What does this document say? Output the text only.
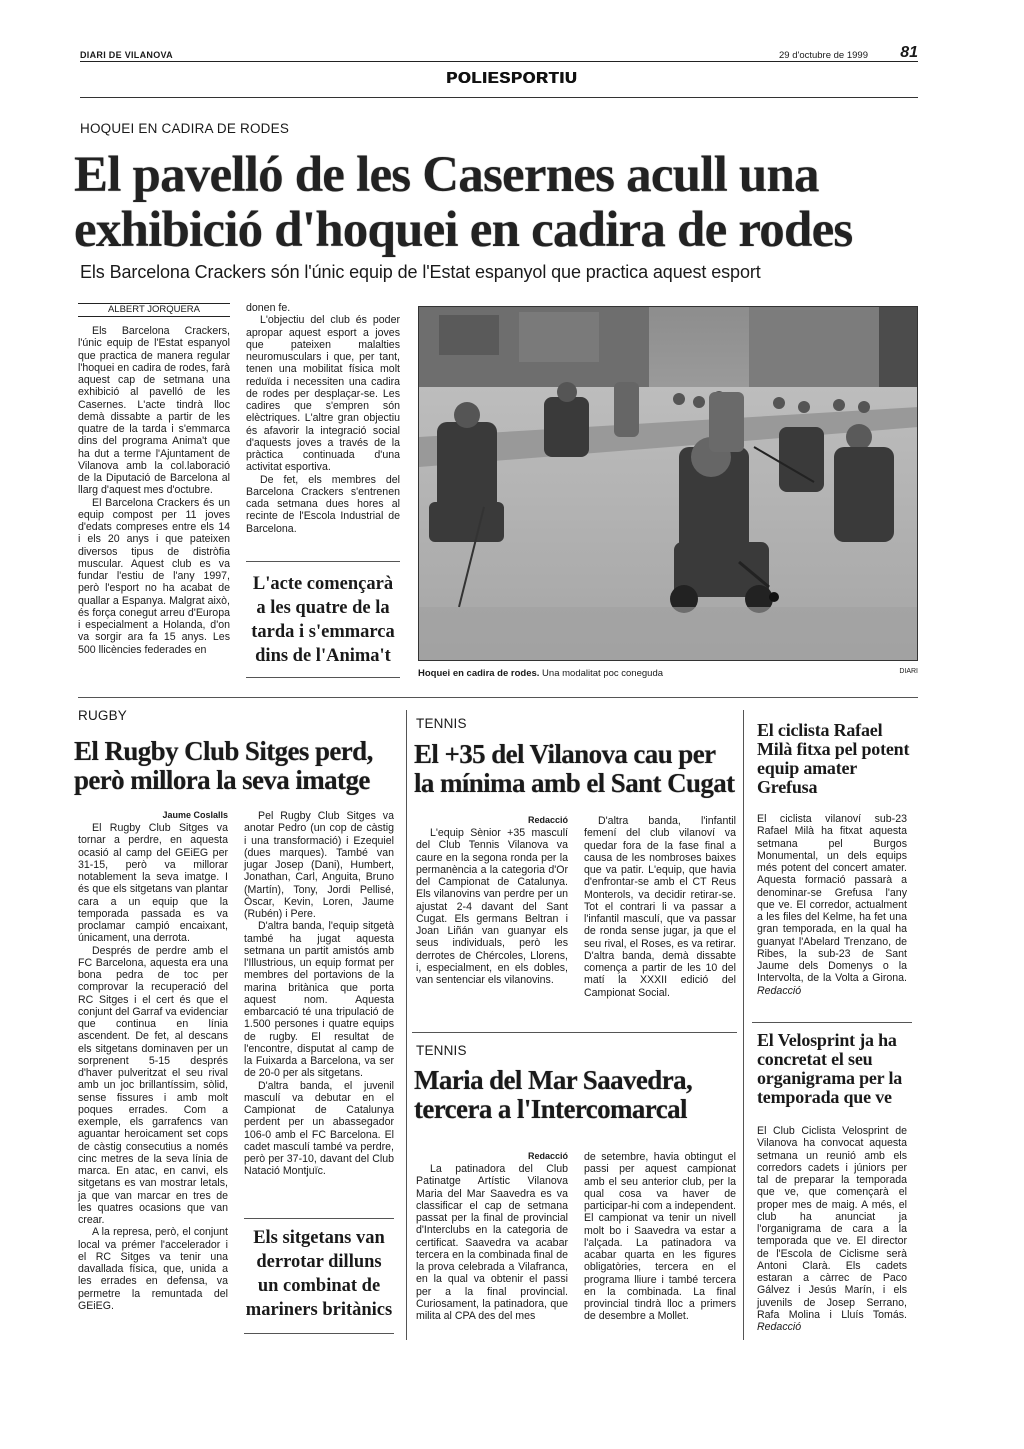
DIARI DE VILANOVA	29 d'octubre de 1999 81
POLIESPORTIU
HOQUEI EN CADIRA DE RODES
El pavelló de les Casernes acull una
exhibició d'hoquei en cadira de rodes
Els Barcelona Crackers són l'únic equip de l'Estat espanyol que practica aquest esport
ALBERT JORQUERA

Els Barcelona Crackers, l'únic equip de l'Estat espanyol que practica de manera regular l'hoquei en cadira de rodes, farà aquest cap de setmana una exhibició al pavelló de les Casernes. L'acte tindrà lloc demà dissabte a partir de les quatre de la tarda i s'emmarca dins del programa Anima't que ha dut a terme l'Ajuntament de Vilanova amb la col.laboració de la Diputació de Barcelona al llarg d'aquest mes d'octubre.

El Barcelona Crackers és un equip compost per 11 joves d'edats compreses entre els 14 i els 20 anys i que pateixen diversos tipus de distròfia muscular. Aquest club es va fundar l'estiu de l'any 1997, però l'esport no ha acabat de quallar a Espanya. Malgrat això, és força conegut arreu d'Europa i especialment a Holanda, d'on va sorgir ara fa 15 anys. Les 500 llicències federades en

donen fe.

L'objectiu del club és poder apropar aquest esport a joves que pateixen malalties neuromusculars i que, per tant, tenen una mobilitat física molt reduïda i necessiten una cadira de rodes per desplaçar-se. Les cadires que s'empren són elèctriques. L'altre gran objectiu és afavorir la integració social d'aquests joves a través de la pràctica continuada d'una activitat esportiva.

De fet, els membres del Barcelona Crackers s'entrenen cada setmana dues hores al recinte de l'Escola Industrial de Barcelona.

L'acte començarà a les quatre de la tarda i s'emmarca dins de l'Anima't
Hoquei en cadira de rodes. Una modalitat poc coneguda	DIARI
RUGBY
El Rugby Club Sitges perd,
però millora la seva imatge
Jaume Coslalls

El Rugby Club Sitges va tornar a perdre, en aquesta ocasió al camp del GEiEG per 31-15, però va millorar notablement la seva imatge. I és que els sitgetans van plantar cara a un equip que la temporada passada es va proclamar campió encaixant, únicament, una derrota.

Després de perdre amb el FC Barcelona, aquesta era una bona pedra de toc per comprovar la recuperació del RC Sitges i el cert és que el conjunt del Garraf va evidenciar que continua en línia ascendent. De fet, al descans els sitgetans dominaven per un sorprenent 5-15 després d'haver pulveritzat el seu rival amb un joc brillantíssim, sòlid, sense fissures i amb molt poques errades. Com a exemple, els garrafencs van aguantar heroicament set cops de càstig consecutius a només cinc metres de la seva línia de marca. En atac, en canvi, els sitgetans es van mostrar letals, ja que van marcar en tres de les quatres ocasions que van crear.

A la represa, però, el conjunt local va prémer l'accelerador i el RC Sitges va tenir una davallada física, que, unida a les errades en defensa, va permetre la remuntada del GEiEG.

Pel Rugby Club Sitges va anotar Pedro (un cop de càstig i una transformació) i Ezequiel (dues marques). També van jugar Josep (Dani), Humbert, Jonathan, Carl, Anguita, Bruno (Martín), Tony, Jordi Pellisé, Òscar, Kevin, Loren, Jaume (Rubén) i Pere.

D'altra banda, l'equip sitgetà també ha jugat aquesta setmana un partit amistós amb l'Illustrious, un equip format per membres del portavions de la marina britànica que porta aquest nom. Aquesta embarcació té una tripulació de 1.500 persones i quatre equips de rugby. El resultat de l'encontre, disputat al camp de la Fuixarda a Barcelona, va ser de 20-0 per als sitgetans.

D'altra banda, el juvenil masculí va debutar en el Campionat de Catalunya perdent per un abassegador 106-0 amb el FC Barcelona. El cadet masculí també va perdre, però per 37-10, davant del Club Natació Montjuïc.

Els sitgetans van derrotar dilluns un combinat de mariners britànics
TENNIS
El +35 del Vilanova cau per
la mínima amb el Sant Cugat
Redacció

L'equip Sènior +35 masculí del Club Tennis Vilanova va caure en la segona ronda per la permanència a la categoria d'Or del Campionat de Catalunya. Els vilanovins van perdre per un ajustat 2-4 davant del Sant Cugat. Els germans Beltran i Joan Liñán van guanyar els seus individuals, però les derrotes de Chércoles, Llorens, i, especialment, en els dobles, van sentenciar els vilanovins.

D'altra banda, l'infantil femení del club vilanoví va quedar fora de la fase final a causa de les nombroses baixes que va patir. L'equip, que havia d'enfrontar-se amb el CT Reus Monterols, va decidir retirar-se. Tot el contrari li va passar a l'infantil masculí, que va passar de ronda sense jugar, ja que el seu rival, el Roses, es va retirar. D'altra banda, demà dissabte comença a partir de les 10 del matí la XXXII edició del Campionat Social.

TENNIS
Maria del Mar Saavedra,
tercera a l'Intercomarcal
Redacció

La patinadora del Club Patinatge Artístic Vilanova Maria del Mar Saavedra es va classificar el cap de setmana passat per la final de provincial d'Interclubs en la categoria de certificat. Saavedra va acabar tercera en la combinada final de la prova celebrada a Vilafranca, en la qual va obtenir el passi per a la final provincial. Curiosament, la patinadora, que milita al CPA des del mes

de setembre, havia obtingut el passi per aquest campionat amb el seu anterior club, per la qual cosa va haver de participar-hi com a independent. El campionat va tenir un nivell molt bo i Saavedra va estar a l'alçada. La patinadora va acabar quarta en les figures obligatòries, tercera en el programa lliure i també tercera en la combinada. La final provincial tindrà lloc a primers de desembre a Mollet.

El ciclista Rafael Milà fitxa pel potent equip amater Grefusa

El ciclista vilanoví sub-23 Rafael Milà ha fitxat aquesta setmana pel Burgos Monumental, un dels equips més potent del concert amater. Aquesta formació passarà a denominar-se Grefusa l'any que ve. El corredor, actualment a les files del Kelme, ha fet una gran temporada, en la qual ha guanyat l'Abelard Trenzano, de Ribes, la sub-23 de Sant Jaume dels Domenys o la Intervolta, de la Volta a Girona. Redacció

El Velosprint ja ha concretat el seu organigrama per la temporada que ve

El Club Ciclista Velosprint de Vilanova ha convocat aquesta setmana un reunió amb els corredors cadets i júniors per tal de preparar la temporada que ve, que començarà el proper mes de maig. A més, el club ha anunciat ja l'organigrama de cara a la temporada que ve. El director de l'Escola de Ciclisme serà Antoni Clarà. Els cadets estaran a càrrec de Paco Gálvez i Jesús Marín, i els juvenils de Josep Serrano, Rafa Molina i Lluís Tomás. Redacció
